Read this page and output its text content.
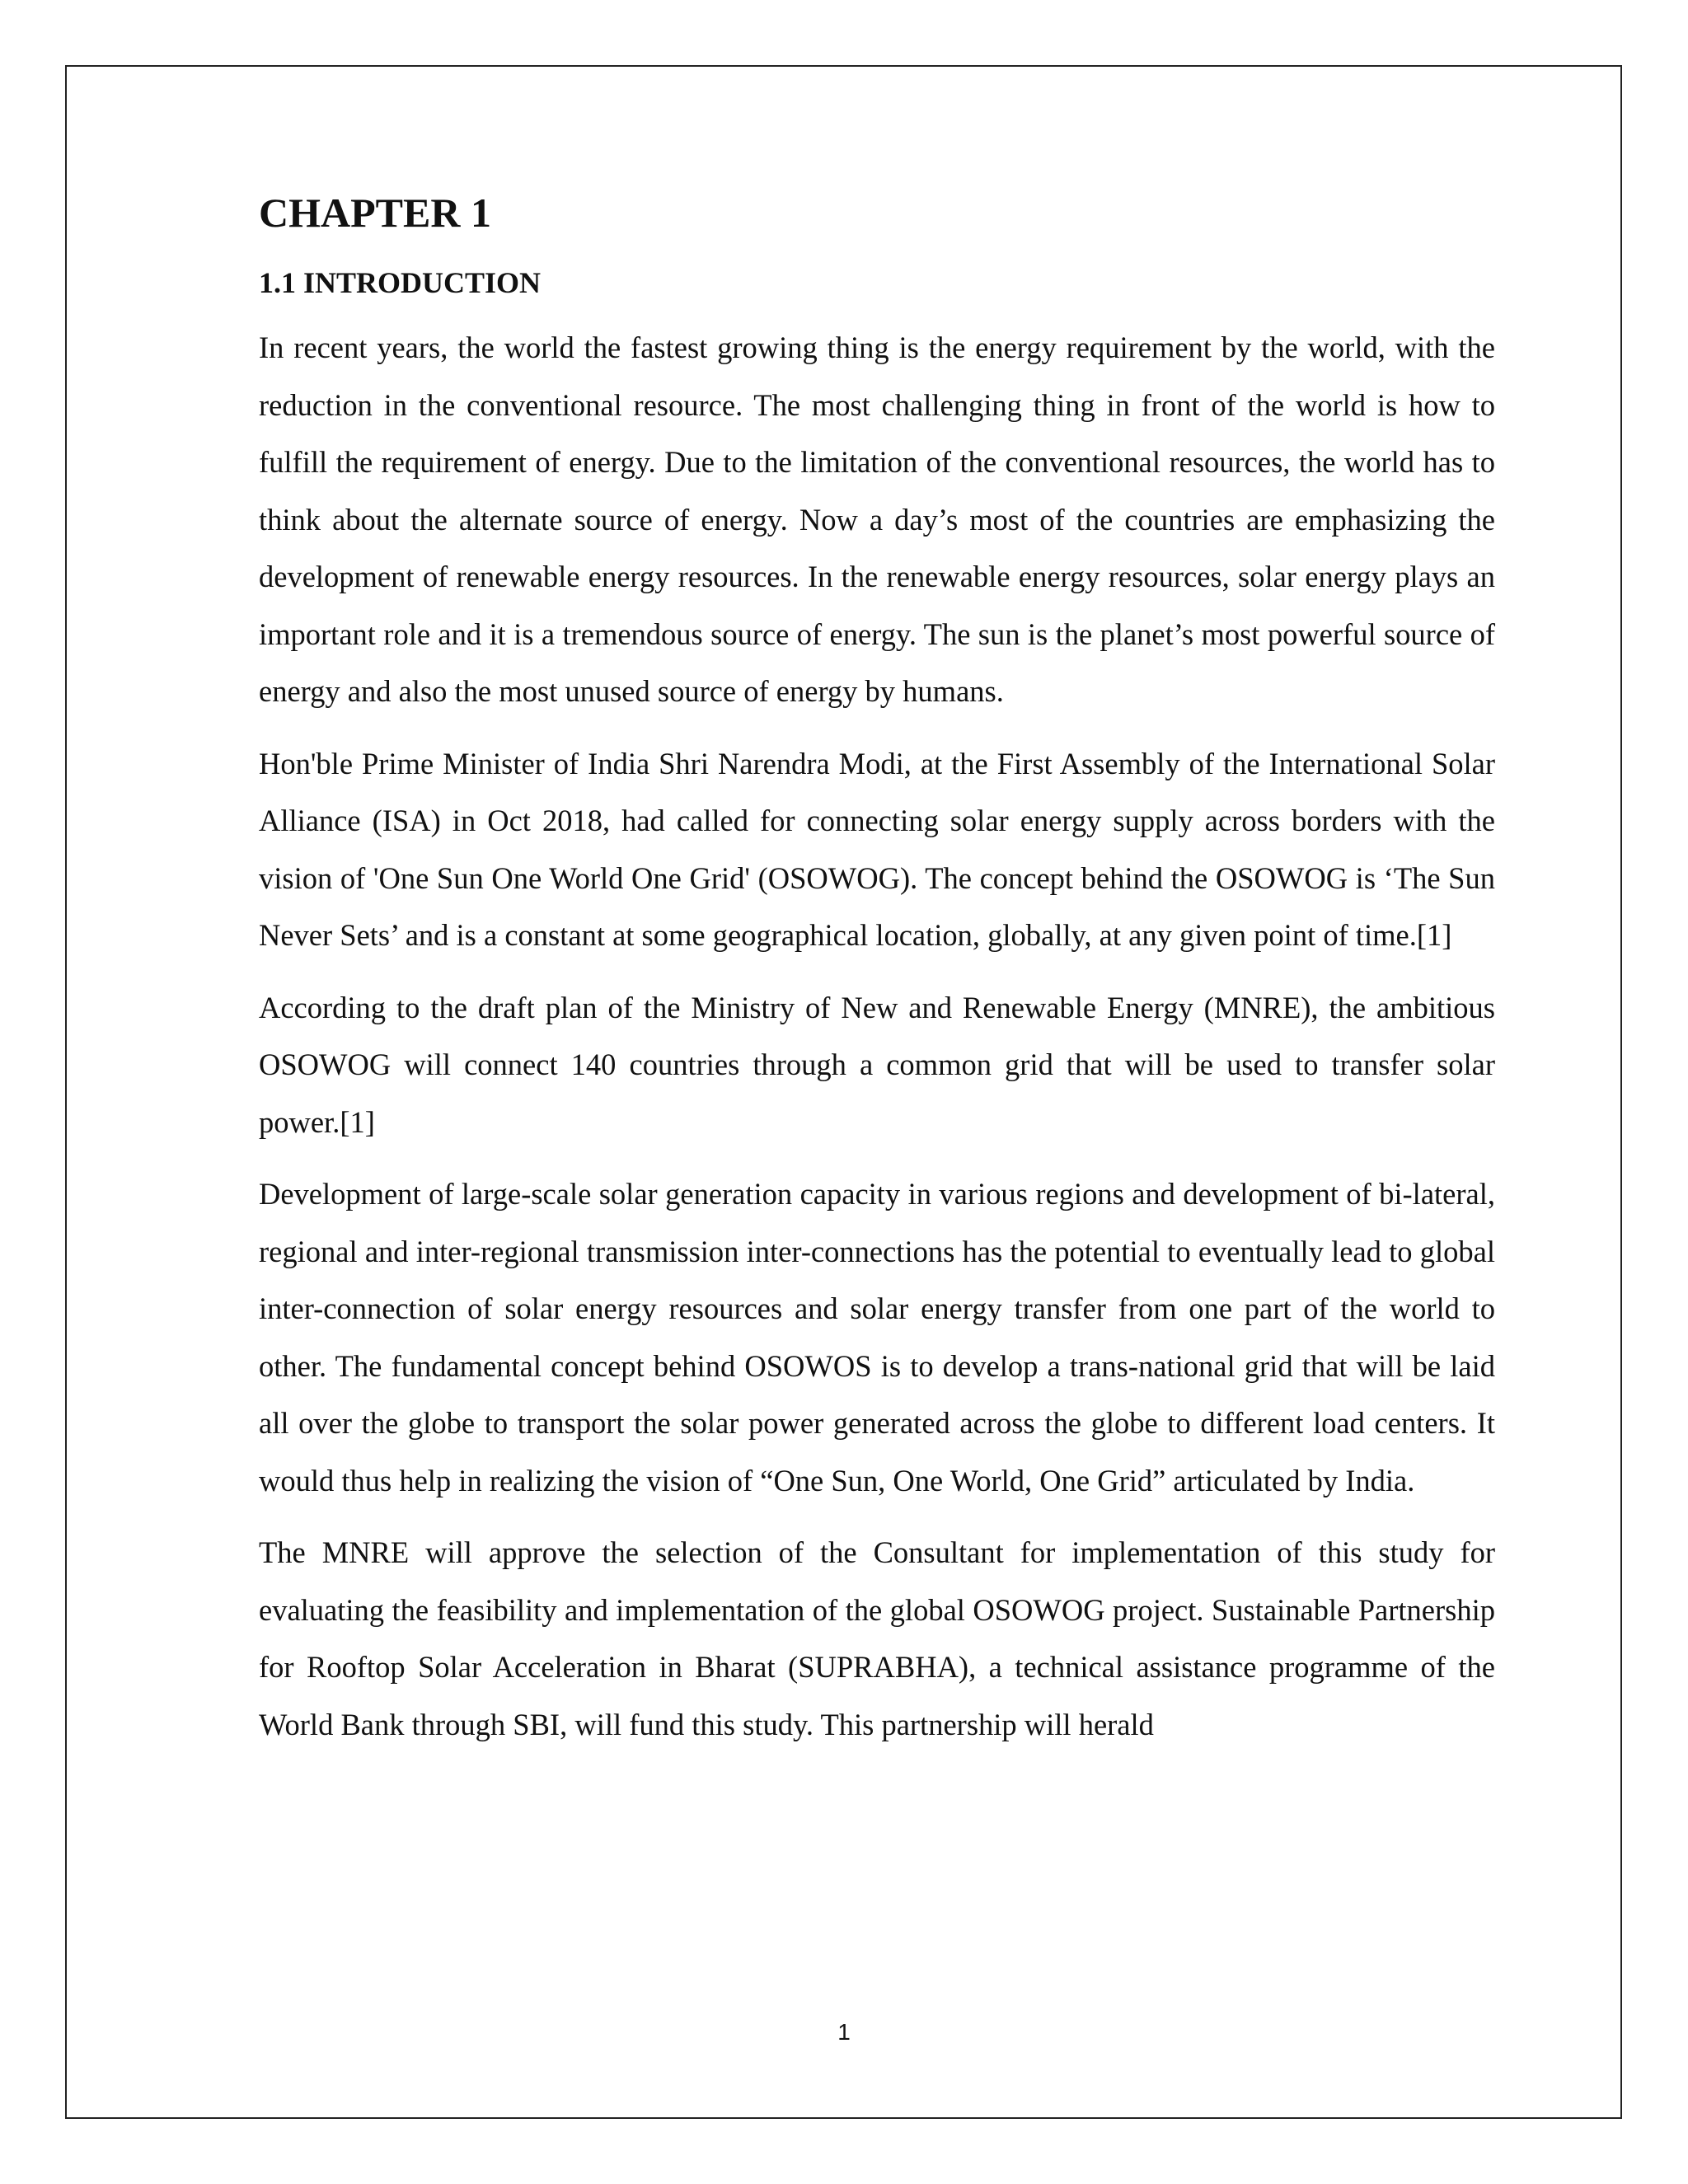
CHAPTER 1
1.1 INTRODUCTION

In recent years, the world the fastest growing thing is the energy requirement by the world, with the reduction in the conventional resource. The most challenging thing in front of the world is how to fulfill the requirement of energy. Due to the limitation of the conventional resources, the world has to think about the alternate source of energy. Now a day’s most of the countries are emphasizing the development of renewable energy resources. In the renewable energy resources, solar energy plays an important role and it is a tremendous source of energy. The sun is the planet’s most powerful source of energy and also the most unused source of energy by humans.

Hon'ble Prime Minister of India Shri Narendra Modi, at the First Assembly of the International Solar Alliance (ISA) in Oct 2018, had called for connecting solar energy supply across borders with the vision of 'One Sun One World One Grid' (OSOWOG). The concept behind the OSOWOG is ‘The Sun Never Sets’ and is a constant at some geographical location, globally, at any given point of time.[1]

According to the draft plan of the Ministry of New and Renewable Energy (MNRE), the ambitious OSOWOG will connect 140 countries through a common grid that will be used to transfer solar power.[1]

Development of large-scale solar generation capacity in various regions and development of bi-lateral, regional and inter-regional transmission inter-connections has the potential to eventually lead to global inter-connection of solar energy resources and solar energy transfer from one part of the world to other. The fundamental concept behind OSOWOS is to develop a trans-national grid that will be laid all over the globe to transport the solar power generated across the globe to different load centers. It would thus help in realizing the vision of “One Sun, One World, One Grid” articulated by India.

The MNRE will approve the selection of the Consultant for implementation of this study for evaluating the feasibility and implementation of the global OSOWOG project. Sustainable Partnership for Rooftop Solar Acceleration in Bharat (SUPRABHA), a technical assistance programme of the World Bank through SBI, will fund this study. This partnership will herald

1
